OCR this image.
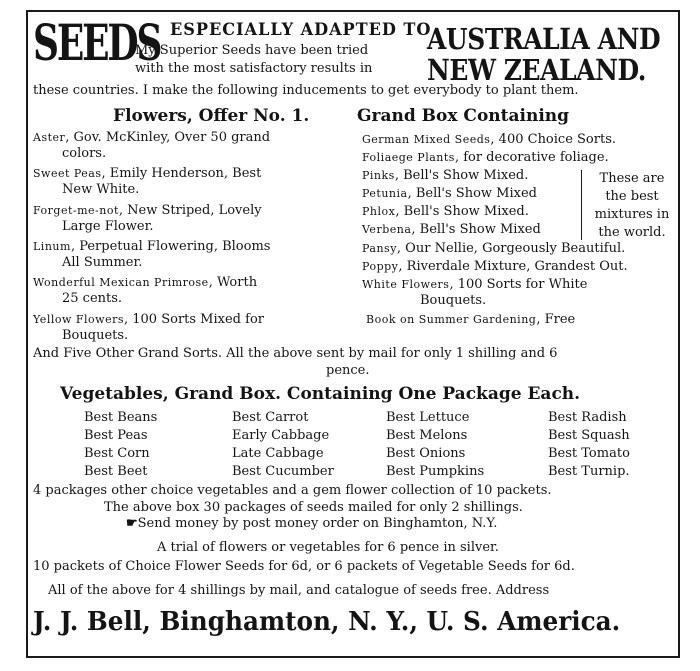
SEEDS ESPECIALLY ADAPTED TO
My Superior Seeds have been tried
with the most satisfactory results in
AUSTRALIA AND
NEW ZEALAND.
these countries. I make the following inducements to get everybody to plant them.
Flowers, Offer No. 1.	Grand Box Containing
Aster, Gov. McKinley, Over 50 grand
colors.
Sweet Peas, Emily Henderson, Best
New White.
Forget-me-not, New Striped, Lovely
Large Flower.
Linum, Perpetual Flowering, Blooms
All Summer.
Wonderful Mexican Primrose, Worth
25 cents.
Yellow Flowers, 100 Sorts Mixed for
Bouquets.
German Mixed Seeds, 400 Choice Sorts.
Foliaege Plants, for decorative foliage.
Pinks, Bell's Show Mixed.
Petunia, Bell's Show Mixed
Phlox, Bell's Show Mixed.
Verbena, Bell's Show Mixed
These are
the best
mixtures in
the world.
Pansy, Our Nellie, Gorgeously Beautiful.
Poppy, Riverdale Mixture, Grandest Out.
White Flowers, 100 Sorts for White
Bouquets.
Book on Summer Gardening, Free
And Five Other Grand Sorts. All the above sent by mail for only 1 shilling and 6
pence.
Vegetables, Grand Box. Containing One Package Each.
Best Beans
Best Peas
Best Corn
Best Beet
Best Carrot
Early Cabbage
Late Cabbage
Best Cucumber
Best Lettuce
Best Melons
Best Onions
Best Pumpkins
Best Radish
Best Squash
Best Tomato
Best Turnip.
4 packages other choice vegetables and a gem flower collection of 10 packets.
The above box 30 packages of seeds mailed for only 2 shillings.
☛Send money by post money order on Binghamton, N.Y.
A trial of flowers or vegetables for 6 pence in silver.
10 packets of Choice Flower Seeds for 6d, or 6 packets of Vegetable Seeds for 6d.
All of the above for 4 shillings by mail, and catalogue of seeds free. Address
J. J. Bell, Binghamton, N. Y., U. S. America.
